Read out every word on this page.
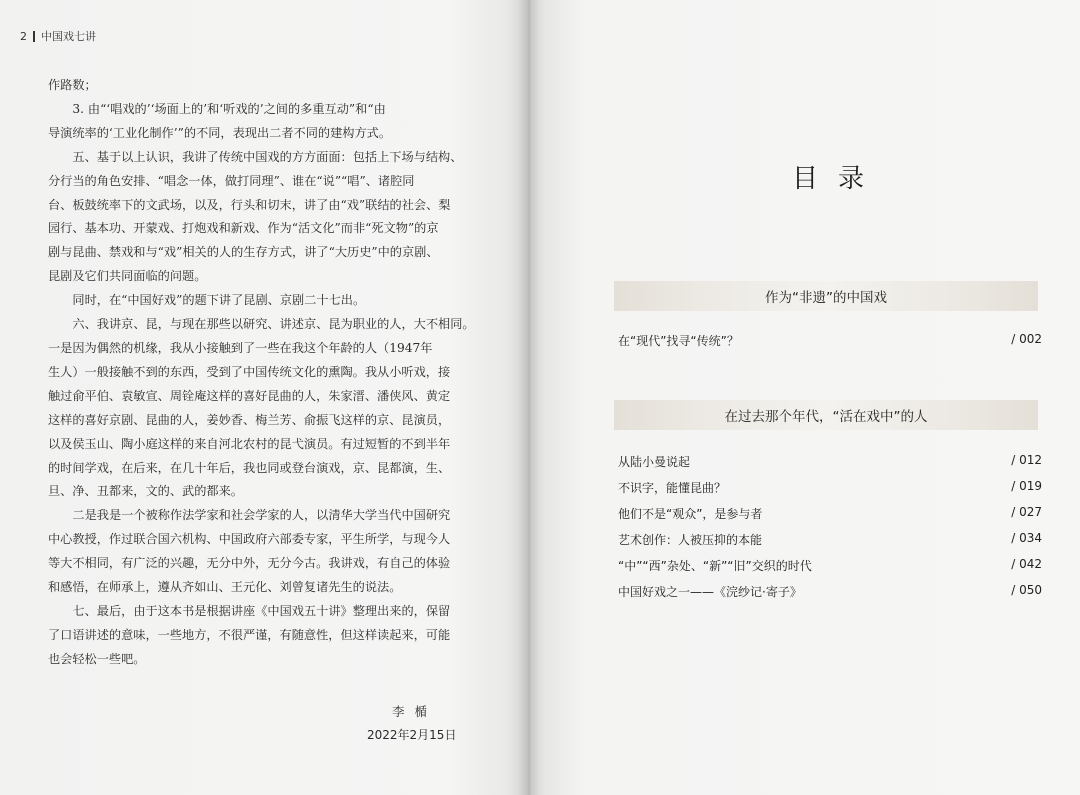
2 中国戏七讲

作路数；

3. 由“‘唱戏的’‘场面上的’和‘听戏的’之间的多重互动”和“由

导演统率的‘工业化制作’”的不同，表现出二者不同的建构方式。

五、基于以上认识，我讲了传统中国戏的方方面面：包括上下场与结构、

分行当的角色安排、“唱念一体，做打同理”、谁在“说”“唱”、诸腔同

台、板鼓统率下的文武场，以及，行头和切末，讲了由“戏”联结的社会、梨

园行、基本功、开蒙戏、打炮戏和新戏、作为“活文化”而非“死文物”的京

剧与昆曲、禁戏和与“戏”相关的人的生存方式，讲了“大历史”中的京剧、

昆剧及它们共同面临的问题。

同时，在“中国好戏”的题下讲了昆剧、京剧二十七出。

六、我讲京、昆，与现在那些以研究、讲述京、昆为职业的人，大不相同。

一是因为偶然的机缘，我从小接触到了一些在我这个年龄的人（1947年

生人）一般接触不到的东西，受到了中国传统文化的熏陶。我从小听戏，接

触过俞平伯、袁敏宣、周铨庵这样的喜好昆曲的人，朱家溍、潘侠风、黄定

这样的喜好京剧、昆曲的人，姜妙香、梅兰芳、俞振飞这样的京、昆演员，

以及侯玉山、陶小庭这样的来自河北农村的昆弋演员。有过短暂的不到半年

的时间学戏，在后来，在几十年后，我也同或登台演戏，京、昆都演，生、

旦、净、丑都来，文的、武的都来。

二是我是一个被称作法学家和社会学家的人，以清华大学当代中国研究

中心教授，作过联合国六机构、中国政府六部委专家，平生所学，与现今人

等大不相同，有广泛的兴趣，无分中外，无分今古。我讲戏，有自己的体验

和感悟，在师承上，遵从齐如山、王元化、刘曾复诸先生的说法。

七、最后，由于这本书是根据讲座《中国戏五十讲》整理出来的，保留

了口语讲述的意味，一些地方，不很严谨，有随意性，但这样读起来，可能

也会轻松一些吧。

李楯
2022年2月15日
目录
作为“非遗”的中国戏
在“现代”找寻“传统”？	/ 002
在过去那个年代，“活在戏中”的人
从陆小曼说起	/ 012
不识字，能懂昆曲？	/ 019
他们不是“观众”，是参与者	/ 027
艺术创作：人被压抑的本能	/ 034
“中”“西”杂处、“新”“旧”交织的时代	/ 042
中国好戏之一——《浣纱记·寄子》	/ 050
